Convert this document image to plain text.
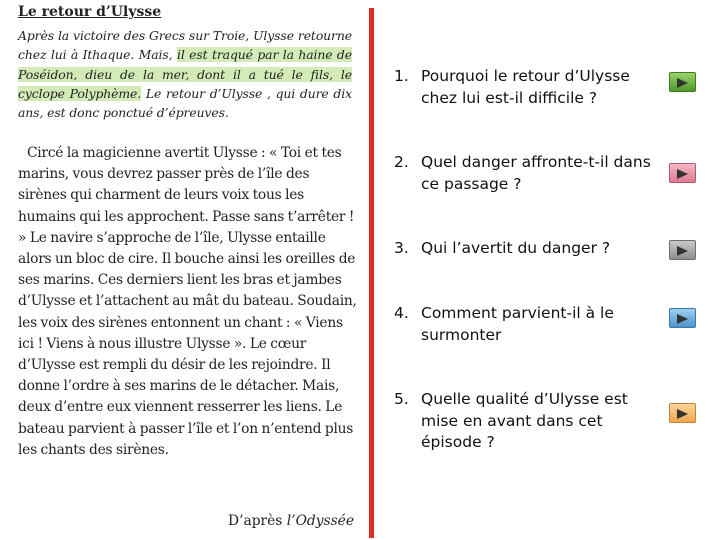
Le retour d’Ulysse
Après la victoire des Grecs sur Troie, Ulysse retourne chez lui à Ithaque. Mais, il est traqué par la haine de Poséidon, dieu de la mer, dont il a tué le fils, le cyclope Polyphème. Le retour d’Ulysse , qui dure dix ans, est donc ponctué d’épreuves.
Circé la magicienne avertit Ulysse : « Toi et tes marins, vous devrez passer près de l’île des sirènes qui charment de leurs voix tous les humains qui les approchent. Passe sans t’arrêter ! » Le navire s’approche de l’île, Ulysse entaille alors un bloc de cire. Il bouche ainsi les oreilles de ses marins. Ces derniers lient les bras et jambes d’Ulysse et l’attachent au mât du bateau. Soudain, les voix des sirènes entonnent un chant : « Viens ici ! Viens à nous illustre Ulysse ». Le cœur d’Ulysse est rempli du désir de les rejoindre. Il donne l’ordre à ses marins de le détacher. Mais, deux d’entre eux viennent resserrer les liens. Le bateau parvient à passer l’île et l’on n’entend plus les chants des sirènes.
D’après l’Odyssée
1. Pourquoi le retour d’Ulysse chez lui est-il difficile ?
2. Quel danger affronte-t-il dans ce passage ?
3. Qui l’avertit du danger ?
4. Comment parvient-il à le surmonter
5. Quelle qualité d’Ulysse est mise en avant dans cet épisode ?
